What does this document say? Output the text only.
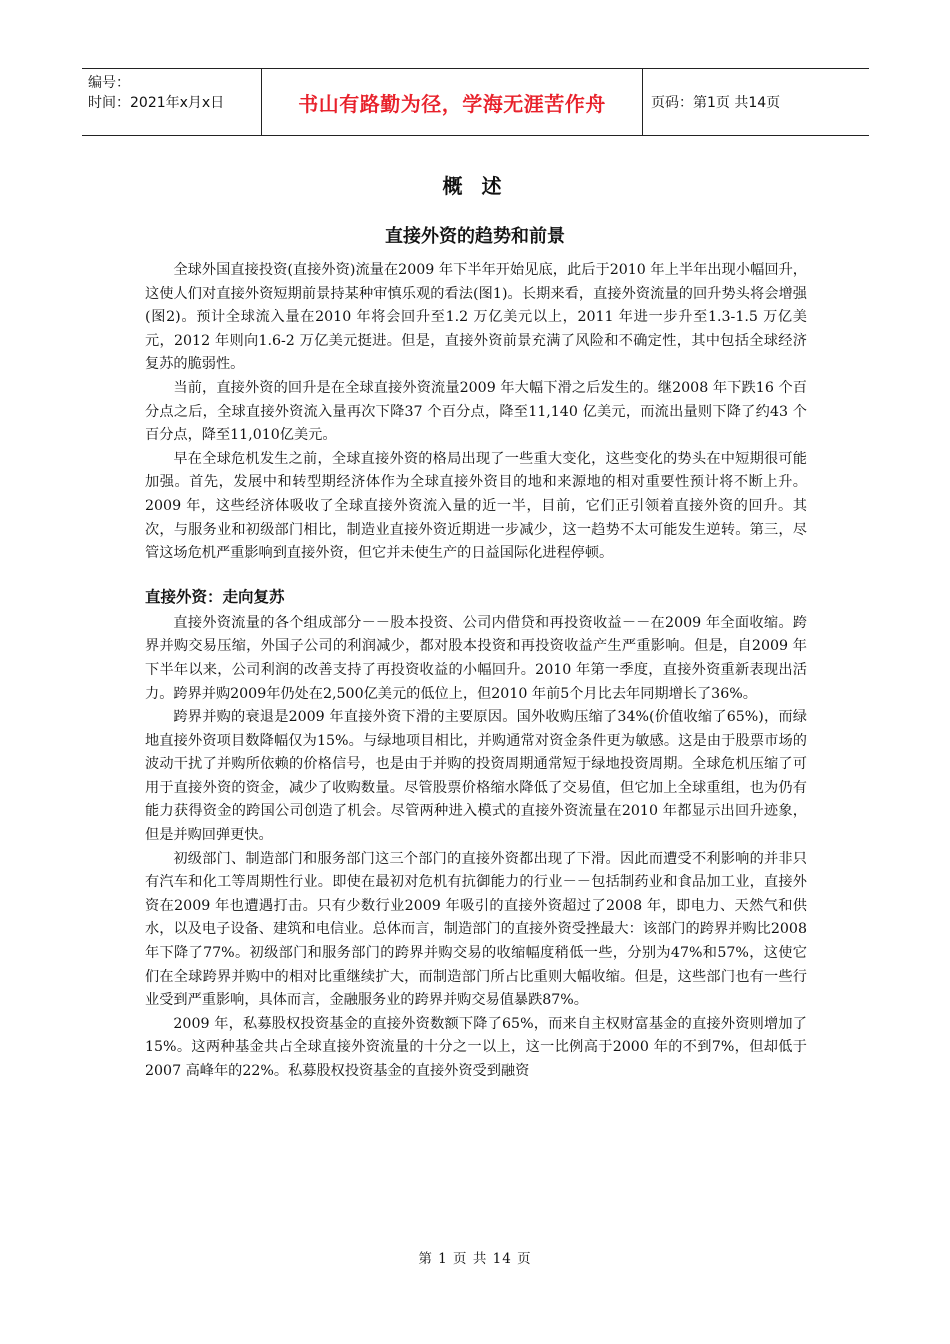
编号：
时间：2021年x月x日	书山有路勤为径，学海无涯苦作舟	页码：第1页 共14页
概 述
直接外资的趋势和前景

全球外国直接投资(直接外资)流量在2009 年下半年开始见底，此后于2010 年上半年出现小幅回升，这使人们对直接外资短期前景持某种审慎乐观的看法(图1)。长期来看，直接外资流量的回升势头将会增强(图2)。预计全球流入量在2010 年将会回升至1.2 万亿美元以上，2011 年进一步升至1.3-1.5 万亿美元，2012 年则向1.6-2 万亿美元挺进。但是，直接外资前景充满了风险和不确定性，其中包括全球经济复苏的脆弱性。

当前，直接外资的回升是在全球直接外资流量2009 年大幅下滑之后发生的。继2008 年下跌16 个百分点之后，全球直接外资流入量再次下降37 个百分点，降至11,140 亿美元，而流出量则下降了约43 个百分点，降至11,010亿美元。

早在全球危机发生之前，全球直接外资的格局出现了一些重大变化，这些变化的势头在中短期很可能加强。首先，发展中和转型期经济体作为全球直接外资目的地和来源地的相对重要性预计将不断上升。2009 年，这些经济体吸收了全球直接外资流入量的近一半，目前，它们正引领着直接外资的回升。其次，与服务业和初级部门相比，制造业直接外资近期进一步减少，这一趋势不太可能发生逆转。第三，尽管这场危机严重影响到直接外资，但它并未使生产的日益国际化进程停顿。

直接外资：走向复苏

直接外资流量的各个组成部分－－股本投资、公司内借贷和再投资收益－－在2009 年全面收缩。跨界并购交易压缩，外国子公司的利润减少，都对股本投资和再投资收益产生严重影响。但是，自2009 年下半年以来，公司利润的改善支持了再投资收益的小幅回升。2010 年第一季度，直接外资重新表现出活力。跨界并购2009年仍处在2,500亿美元的低位上，但2010 年前5个月比去年同期增长了36%。

跨界并购的衰退是2009 年直接外资下滑的主要原因。国外收购压缩了34%(价值收缩了65%)，而绿地直接外资项目数降幅仅为15%。与绿地项目相比，并购通常对资金条件更为敏感。这是由于股票市场的波动干扰了并购所依赖的价格信号，也是由于并购的投资周期通常短于绿地投资周期。全球危机压缩了可用于直接外资的资金，减少了收购数量。尽管股票价格缩水降低了交易值，但它加上全球重组，也为仍有能力获得资金的跨国公司创造了机会。尽管两种进入模式的直接外资流量在2010 年都显示出回升迹象，但是并购回弹更快。

初级部门、制造部门和服务部门这三个部门的直接外资都出现了下滑。因此而遭受不利影响的并非只有汽车和化工等周期性行业。即使在最初对危机有抗御能力的行业－－包括制药业和食品加工业，直接外资在2009 年也遭遇打击。只有少数行业2009 年吸引的直接外资超过了2008 年，即电力、天然气和供水，以及电子设备、建筑和电信业。总体而言，制造部门的直接外资受挫最大：该部门的跨界并购比2008 年下降了77%。初级部门和服务部门的跨界并购交易的收缩幅度稍低一些，分别为47%和57%，这使它们在全球跨界并购中的相对比重继续扩大，而制造部门所占比重则大幅收缩。但是，这些部门也有一些行业受到严重影响，具体而言，金融服务业的跨界并购交易值暴跌87%。

2009 年，私募股权投资基金的直接外资数额下降了65%，而来自主权财富基金的直接外资则增加了15%。这两种基金共占全球直接外资流量的十分之一以上，这一比例高于2000 年的不到7%，但却低于2007 高峰年的22%。私募股权投资基金的直接外资受到融资

第 1 页 共 14 页
